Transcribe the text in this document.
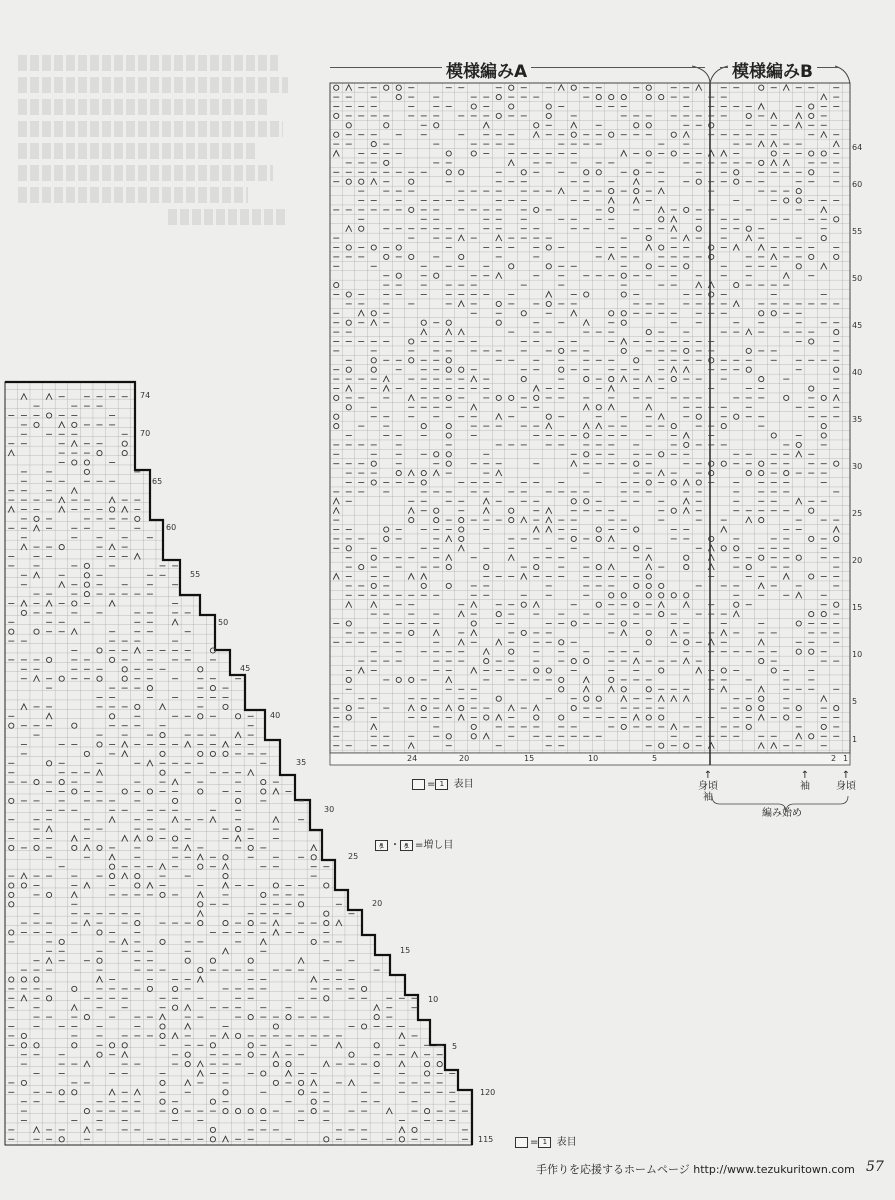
模様編みA	模様編みB
1
5
10
15
20
25
30
35
40
45
50
55
60
64
1
2
5
10
15
20
24
= 1 表目
↑
身頃
袖
↑
袖
↑
身頃
編み始め
115
120
5
10
15
20
25
30
35
40
45
50
55
60
65
70
74
ዿ ・ ዿ =増し目
= 1 表目
手作りを応援するホームページ http://www.tezukuritown.com 57
